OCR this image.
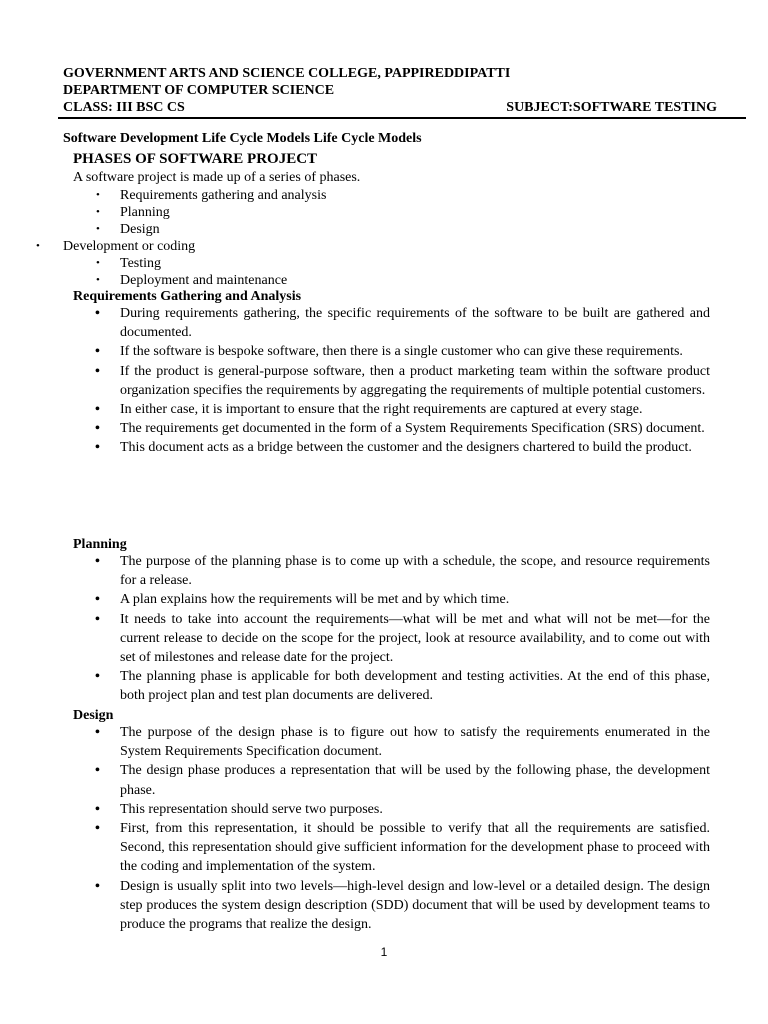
GOVERNMENT ARTS AND SCIENCE COLLEGE, PAPPIREDDIPATTI
DEPARTMENT OF COMPUTER SCIENCE
CLASS: III BSC CS	SUBJECT:SOFTWARE TESTING
Software Development Life Cycle Models Life Cycle Models
PHASES OF SOFTWARE PROJECT
A software project is made up of a series of phases.
• Requirements gathering and analysis
• Planning
• Design
• Development or coding
• Testing
• Deployment and maintenance
Requirements Gathering and Analysis
• During requirements gathering, the specific requirements of the software to be built are gathered and documented.
• If the software is bespoke software, then there is a single customer who can give these requirements.
• If the product is general-purpose software, then a product marketing team within the software product organization specifies the requirements by aggregating the requirements of multiple potential customers.
• In either case, it is important to ensure that the right requirements are captured at every stage.
• The requirements get documented in the form of a System Requirements Specification (SRS) document.
• This document acts as a bridge between the customer and the designers chartered to build the product.
Planning
• The purpose of the planning phase is to come up with a schedule, the scope, and resource requirements for a release.
• A plan explains how the requirements will be met and by which time.
• It needs to take into account the requirements—what will be met and what will not be met—for the current release to decide on the scope for the project, look at resource availability, and to come out with set of milestones and release date for the project.
• The planning phase is applicable for both development and testing activities. At the end of this phase, both project plan and test plan documents are delivered.
Design
• The purpose of the design phase is to figure out how to satisfy the requirements enumerated in the System Requirements Specification document.
• The design phase produces a representation that will be used by the following phase, the development phase.
• This representation should serve two purposes.
• First, from this representation, it should be possible to verify that all the requirements are satisfied. Second, this representation should give sufficient information for the development phase to proceed with the coding and implementation of the system.
• Design is usually split into two levels—high-level design and low-level or a detailed design. The design step produces the system design description (SDD) document that will be used by development teams to produce the programs that realize the design.
1
